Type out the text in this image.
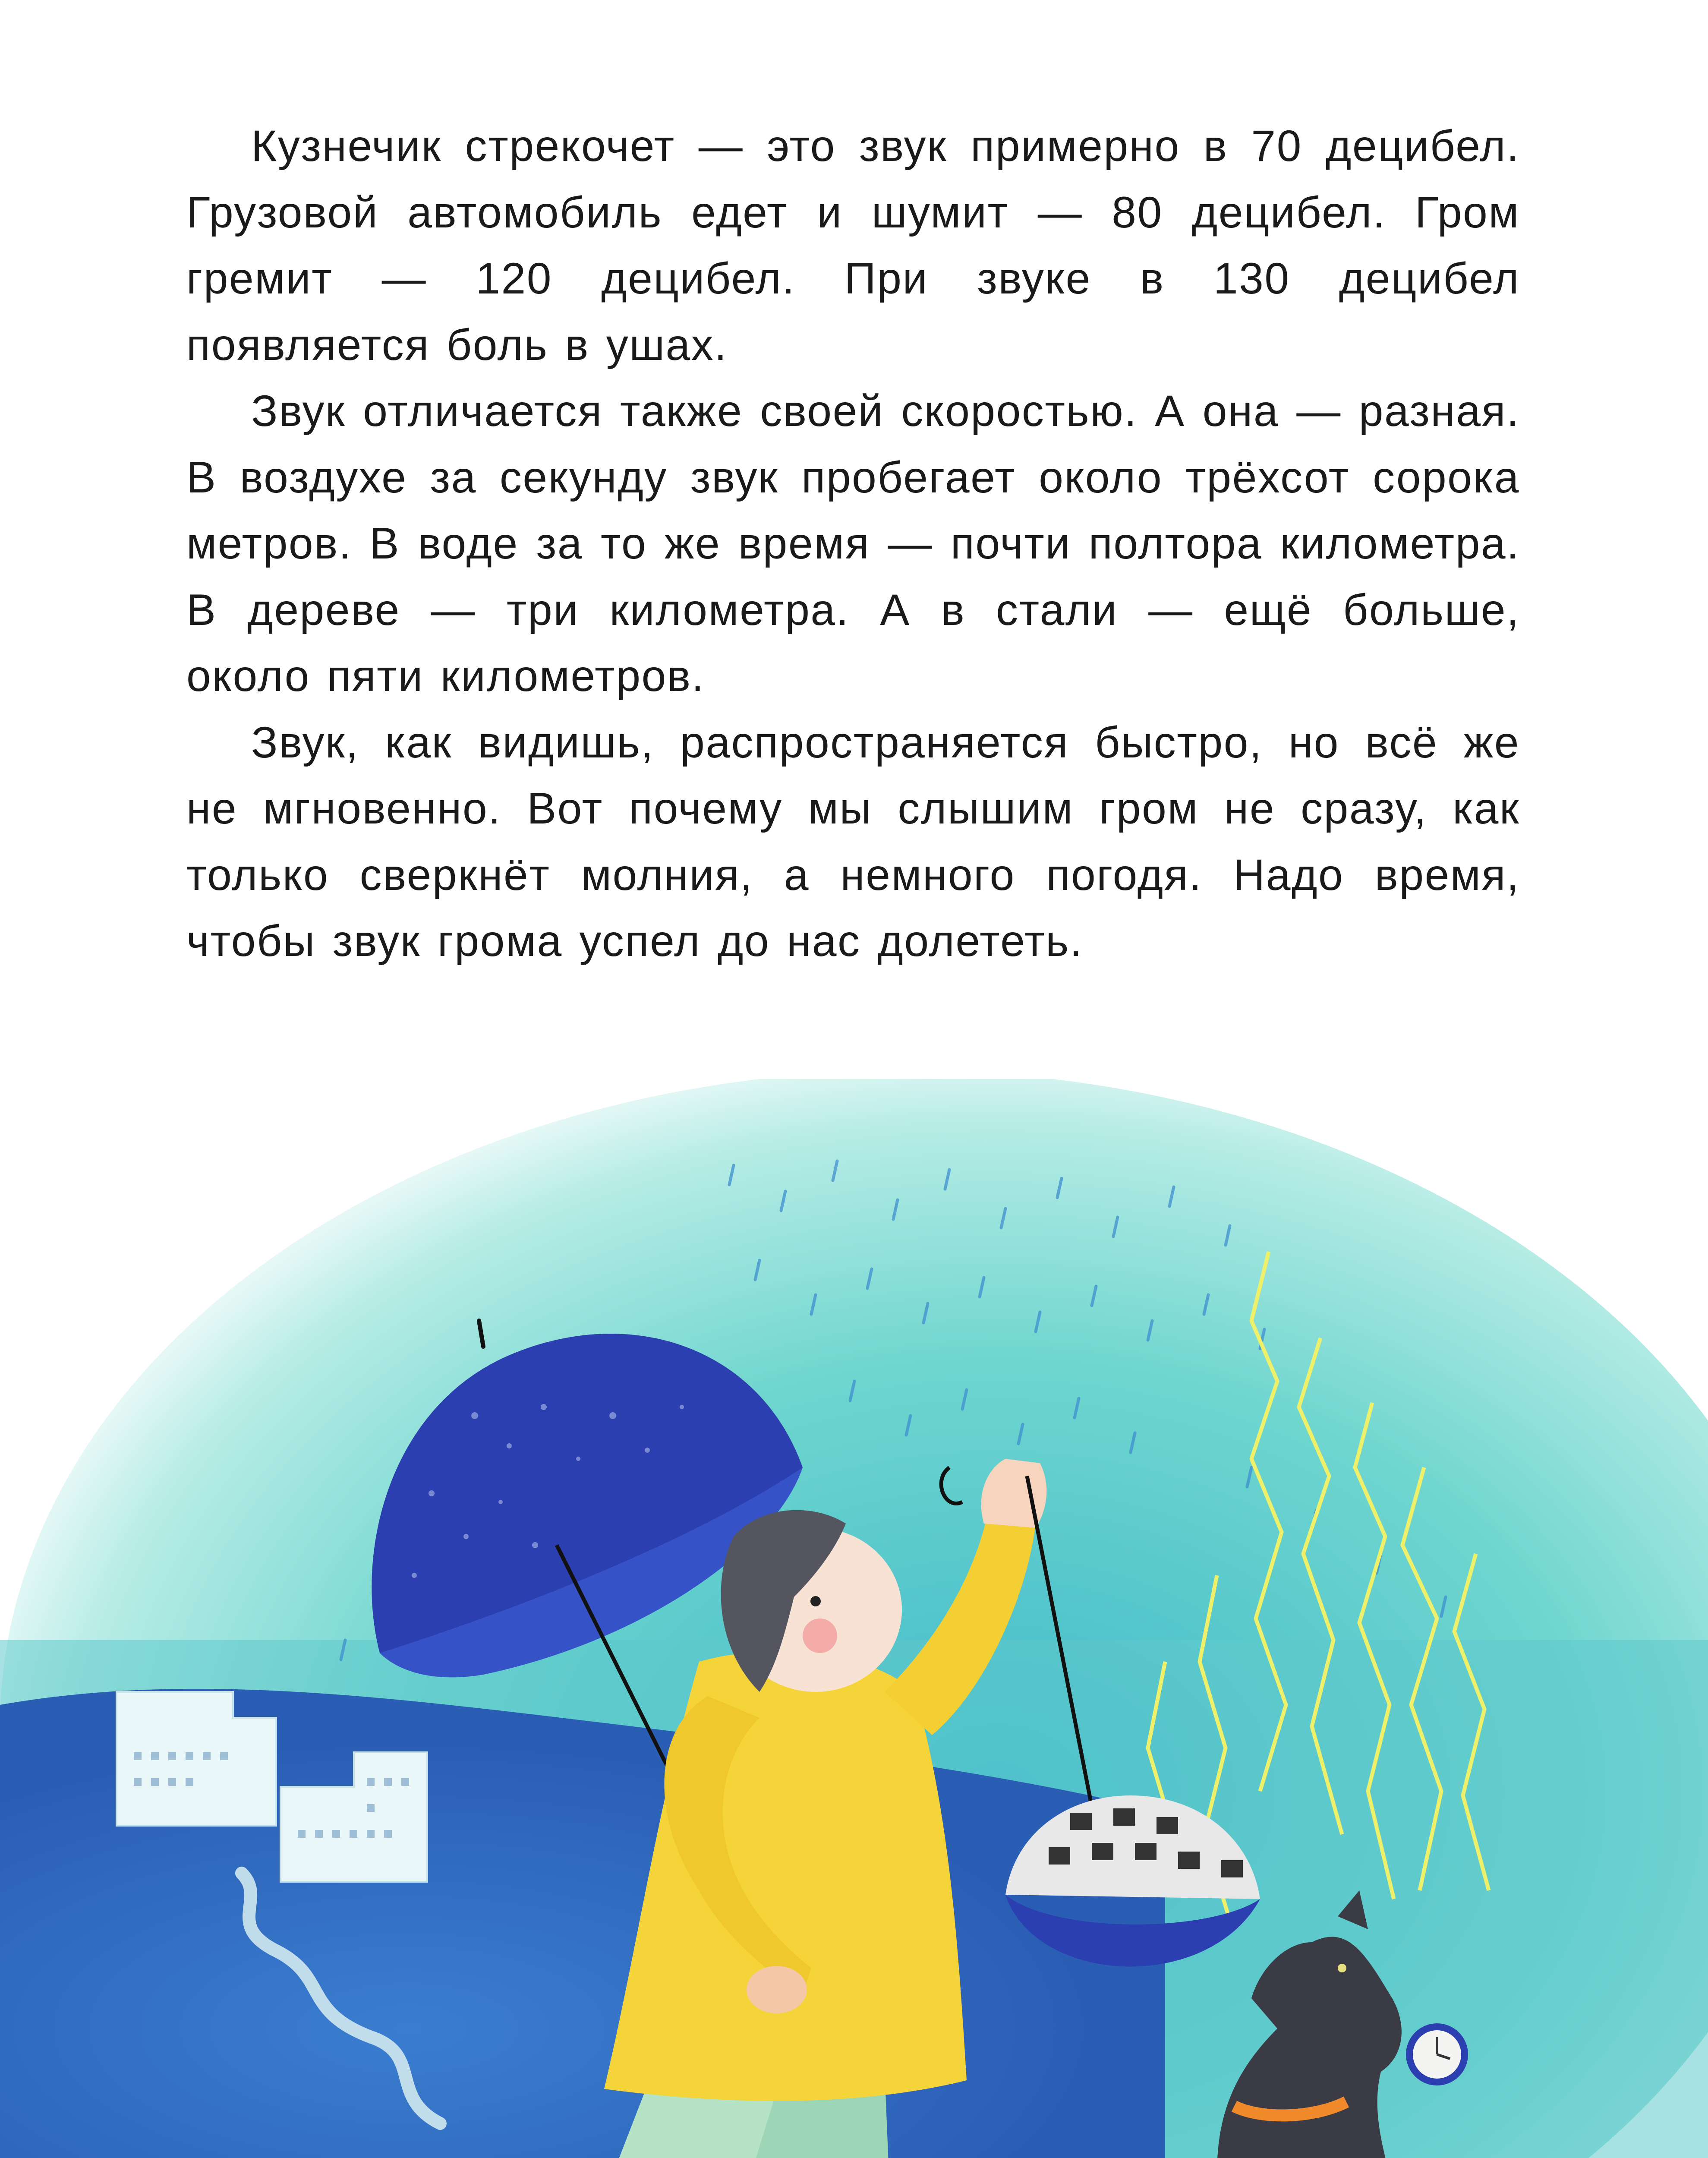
Кузнечик стрекочет — это звук примерно в 70 децибел. Грузовой автомобиль едет и шумит — 80 децибел. Гром гремит — 120 децибел. При звуке в 130 децибел появляется боль в ушах.

Звук отличается также своей скоростью. А она — разная. В воздухе за секунду звук пробегает около трёхсот сорока метров. В воде за то же время — почти полтора километра. В дереве — три километра. А в стали — ещё больше, около пяти километров.

Звук, как видишь, распространяется быстро, но всё же не мгновенно. Вот почему мы слышим гром не сразу, как только сверкнёт молния, а немного погодя. Надо время, чтобы звук грома успел до нас долететь.
